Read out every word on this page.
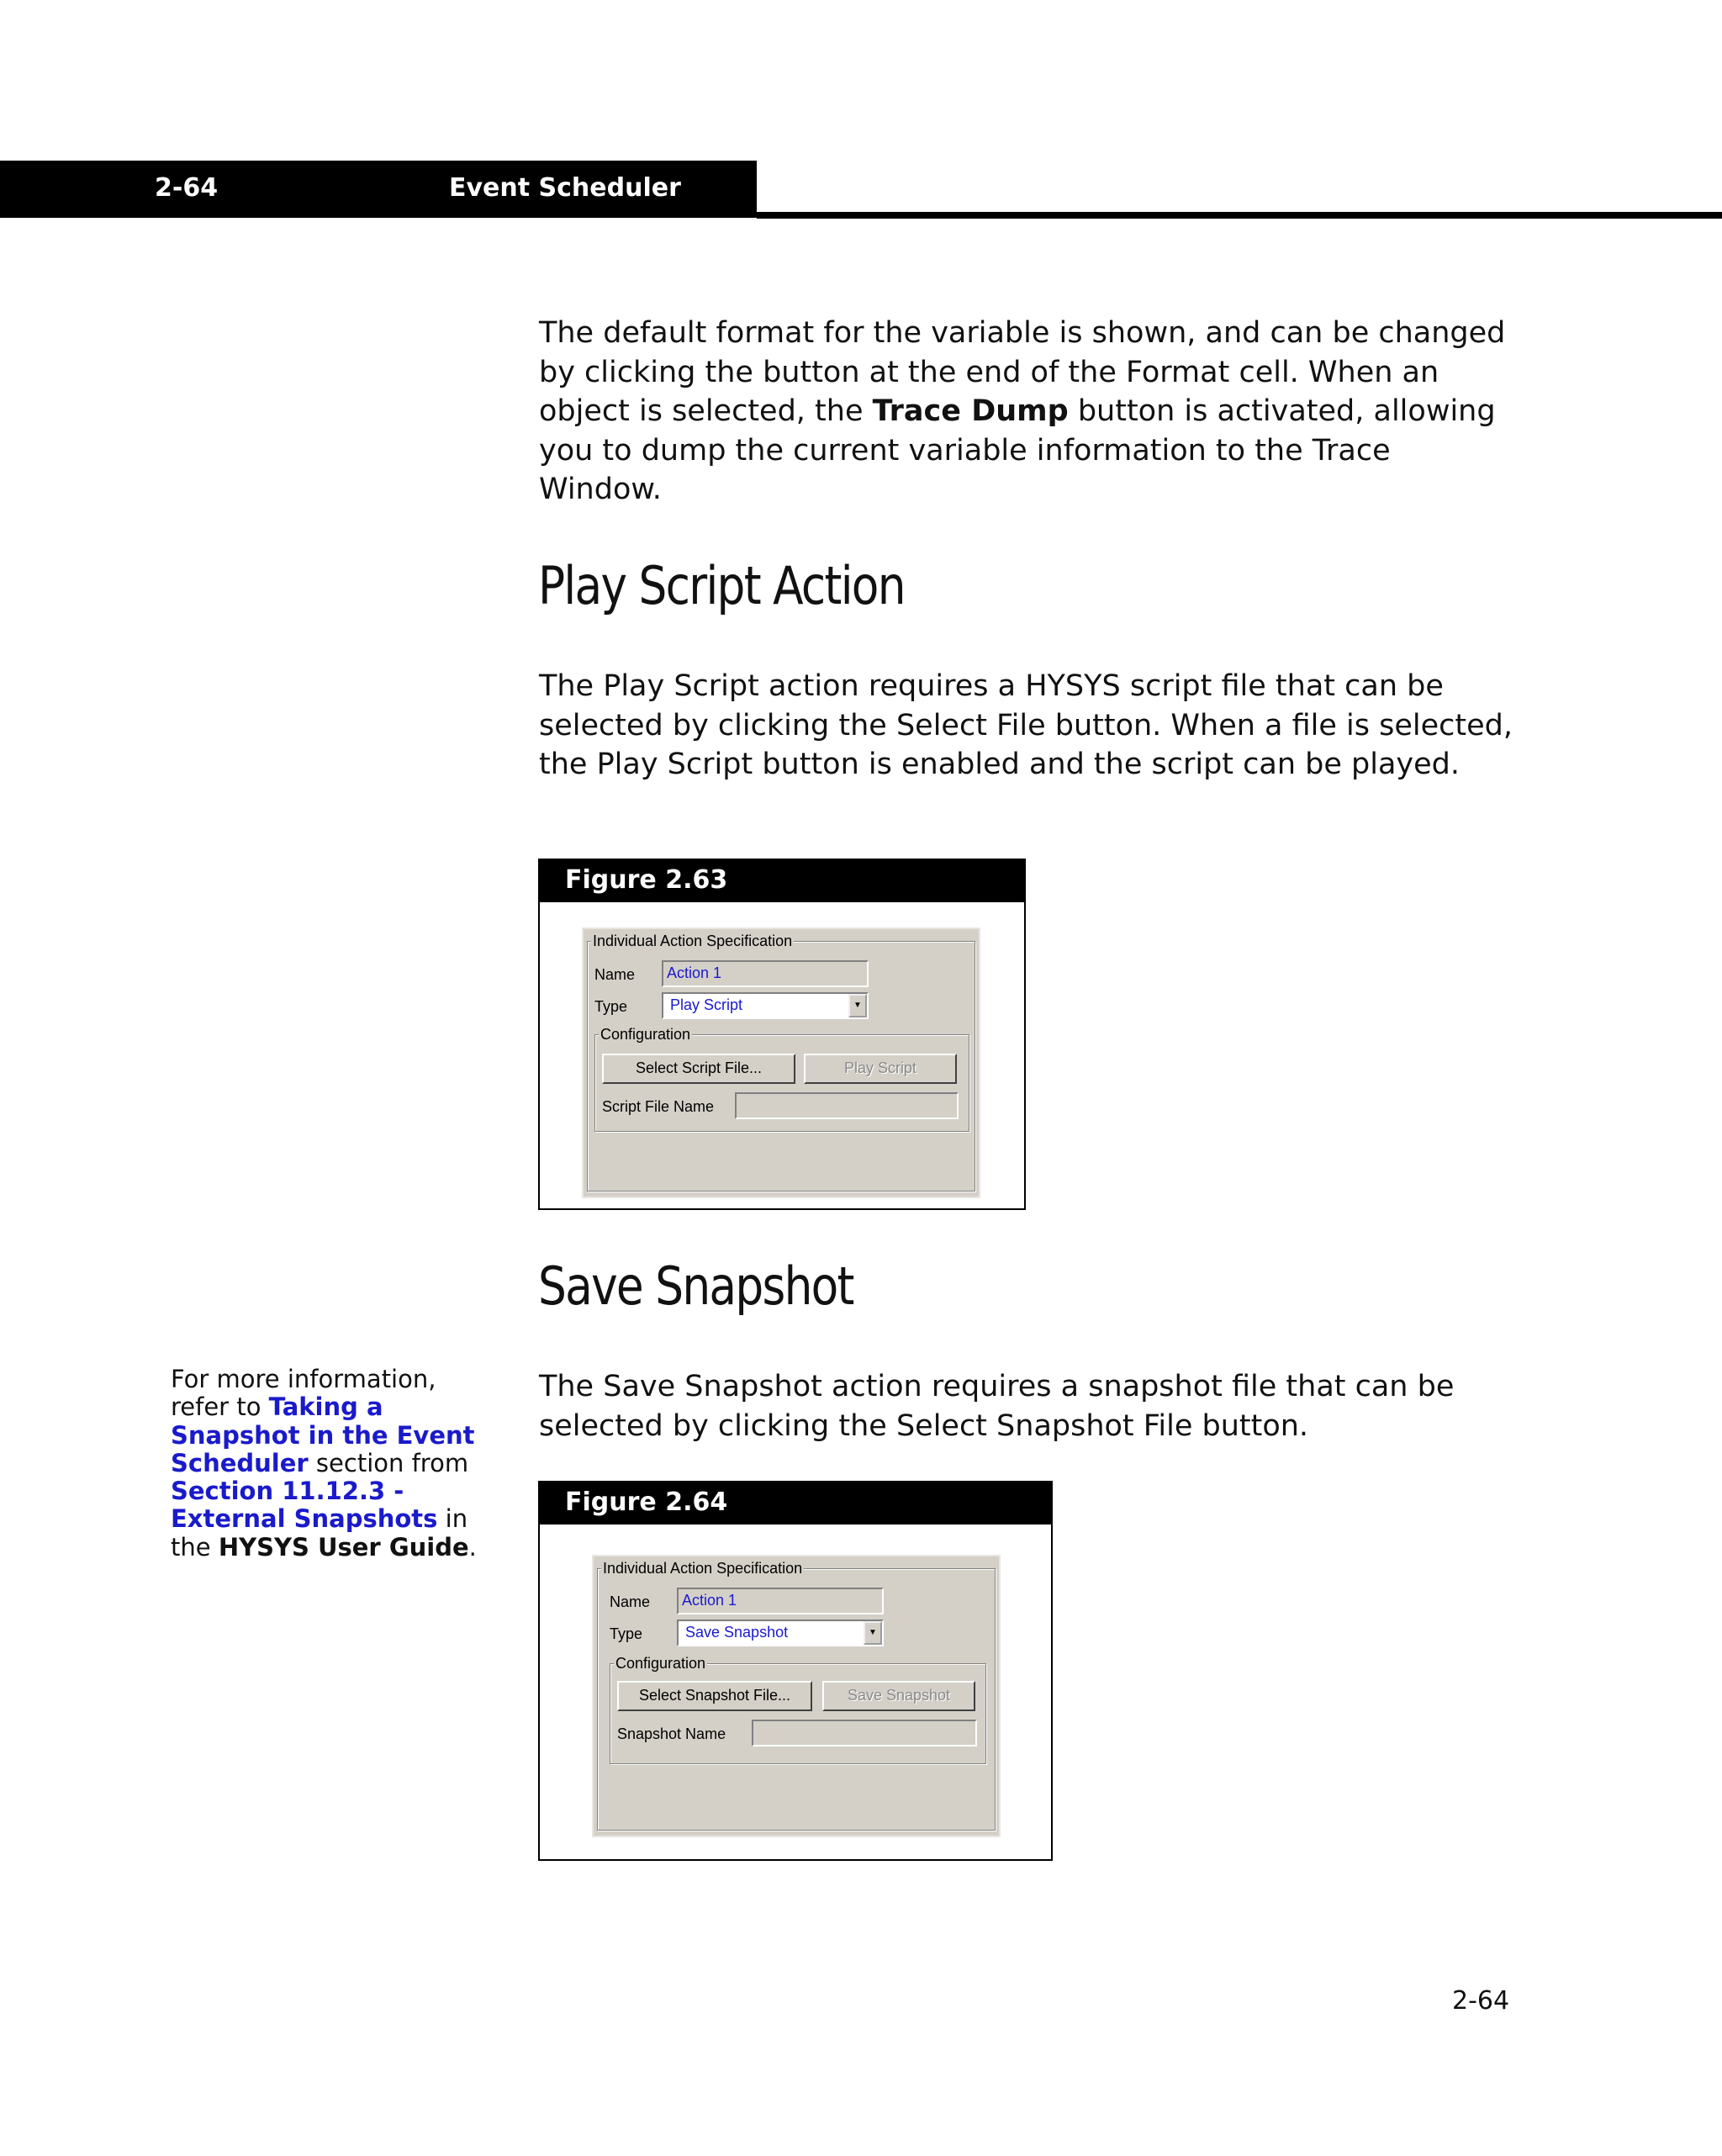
2-64	Event Scheduler

The default format for the variable is shown, and can be changed by clicking the button at the end of the Format cell. When an object is selected, the Trace Dump button is activated, allowing you to dump the current variable information to the Trace Window.

Play Script Action

The Play Script action requires a HYSYS script file that can be selected by clicking the Select File button. When a file is selected, the Play Script button is enabled and the script can be played.

Figure 2.63
Individual Action Specification
Name	Action 1
Type	Play Script	▼
Configuration
Select Script File...	Play Script
Script File Name
Save Snapshot
For more information, refer to Taking a Snapshot in the Event Scheduler section from Section 11.12.3 - External Snapshots in the HYSYS User Guide.

The Save Snapshot action requires a snapshot file that can be selected by clicking the Select Snapshot File button.

Figure 2.64
Individual Action Specification
Name	Action 1
Type	Save Snapshot	▼
Configuration
Select Snapshot File...	Save Snapshot
Snapshot Name
2-64
